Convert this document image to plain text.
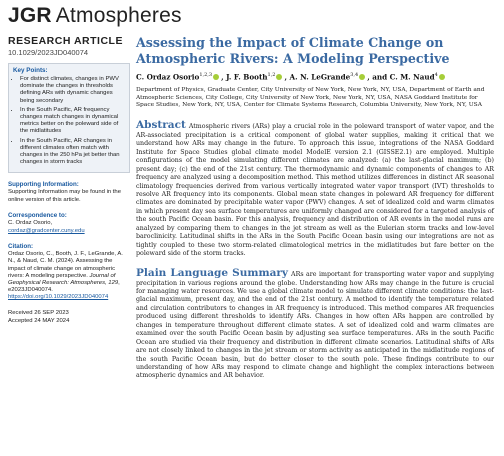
JGR Atmospheres
RESEARCH ARTICLE
10.1029/2023JD040074
Key Points:
• For distinct climates, changes in PWV dominate the changes in thresholds defining ARs with dynamic changes being secondary
• In the South Pacific, AR frequency changes match changes in dynamical metrics better on the poleward side of the midlatitudes
• In the South Pacific, AR changes in different climates often match with changes in the 250 hPa jet better than changes in storm tracks
Supporting Information:
Supporting Information may be found in the online version of this article.
Correspondence to:
C. Ordaz Osorio,
cordaz@gradcenter.cuny.edu
Citation:
Ordaz Osorio, C., Booth, J. F., LeGrande, A. N., & Naud, C. M. (2024). Assessing the impact of climate change on atmospheric rivers: A modeling perspective. Journal of Geophysical Research: Atmospheres, 129, e2023JD040074. https://doi.org/10.1029/2023JD040074
Received 26 SEP 2023
Accepted 24 MAY 2024
Assessing the Impact of Climate Change on Atmospheric Rivers: A Modeling Perspective
C. Ordaz Osorio$^{1,2,3}$ , J. F. Booth$^{1,2}$ , A. N. LeGrande$^{3,4}$ , and C. M. Naud$^4$
Department of Physics, Graduate Center, City University of New York, New York, NY, USA, Department of Earth and Atmospheric Sciences, City College, City University of New York, New York, NY, USA, NASA Goddard Institute for Space Studies, New York, NY, USA, Center for Climate Systems Research, Columbia University, New York, NY, USA
Abstract Atmospheric rivers (ARs) play a crucial role in the poleward transport of water vapor, and the AR-associated precipitation is a critical component of global water supplies, making it critical that we understand how ARs may change in the future. To approach this issue, integrations of the NASA Goddard Institute for Space Studies global climate model ModelE version 2.1 (GISSE2.1) are employed. Multiple configurations of the model simulating different climates are analyzed: (a) the last-glacial maximum; (b) present day; (c) the end of the 21st century. The thermodynamic and dynamic components of changes to AR frequency are analyzed using a decomposition method. This method utilizes differences in distinct AR seasonal climatology frequencies derived from various vertically integrated water vapor transport (IVT) thresholds to resolve AR frequency into its components. Global mean state changes in poleward AR frequency for different climates are dominated by precipitable water vapor (PWV) changes. A set of idealized cold and warm climates in which present day sea surface temperatures are uniformly changed are considered for a targeted analysis of the south Pacific Ocean basin. For this analysis, frequency and distribution of AR events in the model runs are analyzed by comparing them to changes in the jet stream as well as the Eulerian storm tracks and low-level baroclinicity. Latitudinal shifts in the ARs in the South Pacific Ocean basin using our integrations are not as tightly coupled to these two storm-related climatological metrics in the midlatitudes but fare better on the poleward side of the storm tracks.
Plain Language Summary ARs are important for transporting water vapor and supplying precipitation in various regions around the globe. Understanding how ARs may change in the future is crucial for managing water resources. We use a global climate model to simulate different climate conditions: the last-glacial maximum, present day, and the end of the 21st century. A method to identify the temperature related and circulation contributors to changes in AR frequency is introduced. This method compares AR frequencies produced using different thresholds to identify ARs. Changes in how often ARs happen are controlled by changes in temperature throughout different climate states. A set of idealized cold and warm climates are examined over the south Pacific Ocean basin by adjusting sea surface temperatures. ARs in the south Pacific Ocean are studied via their frequency and distribution in different climate scenarios. Latitudinal shifts of ARs are not closely linked to changes in the jet stream or storm activity as anticipated in the midlatitude regions of the south Pacific Ocean basin, but do better closer to the south pole. These findings contribute to our understanding of how ARs may respond to climate change and highlight the complex interactions between atmospheric dynamics and AR behavior.
